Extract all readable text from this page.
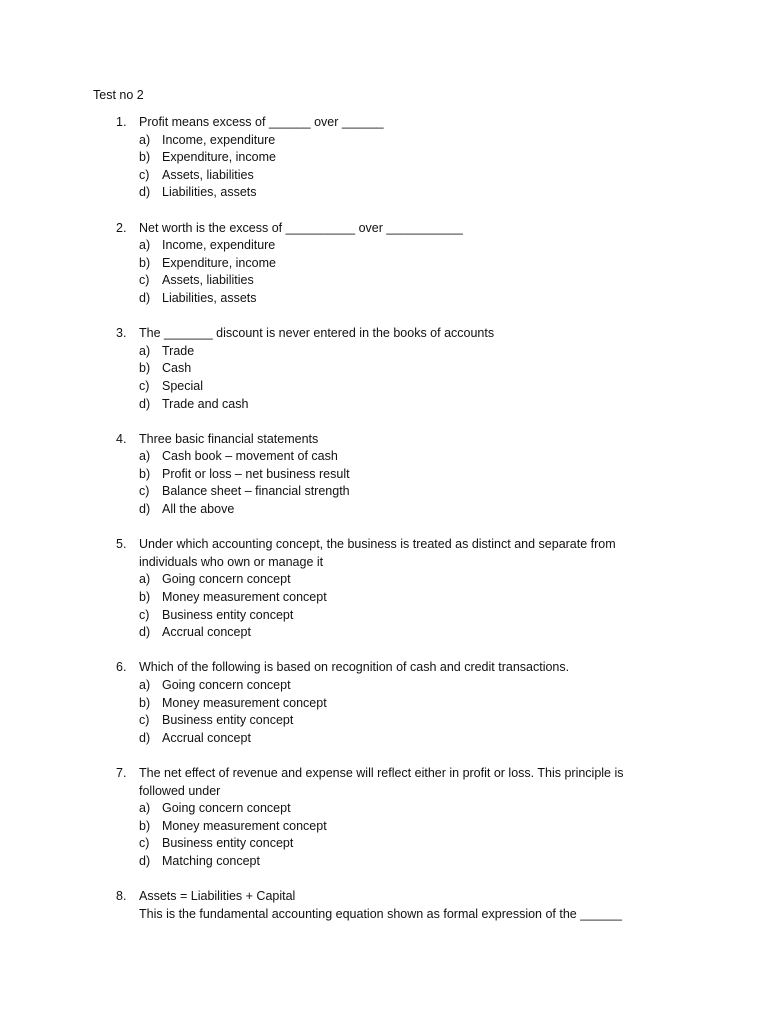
Test no 2
1. Profit means excess of ______ over ______
a) Income, expenditure
b) Expenditure, income
c) Assets, liabilities
d) Liabilities, assets
2. Net worth is the excess of __________ over ___________
a) Income, expenditure
b) Expenditure, income
c) Assets, liabilities
d) Liabilities, assets
3. The _______ discount is never entered in the books of accounts
a) Trade
b) Cash
c) Special
d) Trade and cash
4. Three basic financial statements
a) Cash book – movement of cash
b) Profit or loss – net business result
c) Balance sheet – financial strength
d) All the above
5. Under which accounting concept, the business is treated as distinct and separate from
individuals who own or manage it
a) Going concern concept
b) Money measurement concept
c) Business entity concept
d) Accrual concept
6. Which of the following is based on recognition of cash and credit transactions.
a) Going concern concept
b) Money measurement concept
c) Business entity concept
d) Accrual concept
7. The net effect of revenue and expense will reflect either in profit or loss. This principle is
followed under
a) Going concern concept
b) Money measurement concept
c) Business entity concept
d) Matching concept
8. Assets = Liabilities + Capital
This is the fundamental accounting equation shown as formal expression of the ______
